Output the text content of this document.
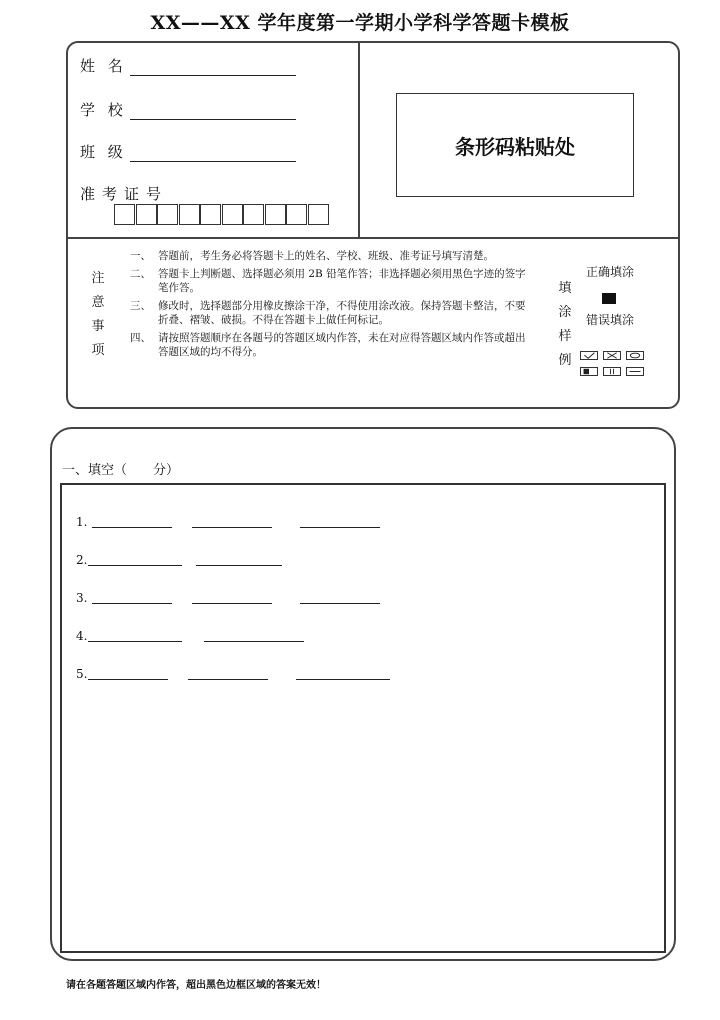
XX——XX 学年度第一学期小学科学答题卡模板
姓 名
学 校
班 级
准考证号
条形码粘贴处
注意事项
一、 答题前，考生务必将答题卡上的姓名、学校、班级、准考证号填写清楚。
二、 答题卡上判断题、选择题必须用 2B 铅笔作答；非选择题必须用黑色字迹的签字笔作答。
三、 修改时，选择题部分用橡皮擦涂干净，不得使用涂改液。保持答题卡整洁，不要折叠、褶皱、破损。不得在答题卡上做任何标记。
四、 请按照答题顺序在各题号的答题区域内作答，未在对应得答题区域内作答或超出答题区域的均不得分。
填涂样例
正确填涂
错误填涂
一、填空（　　分）
1.
2.
3.
4.
5.
请在各题答题区域内作答，超出黑色边框区域的答案无效！
